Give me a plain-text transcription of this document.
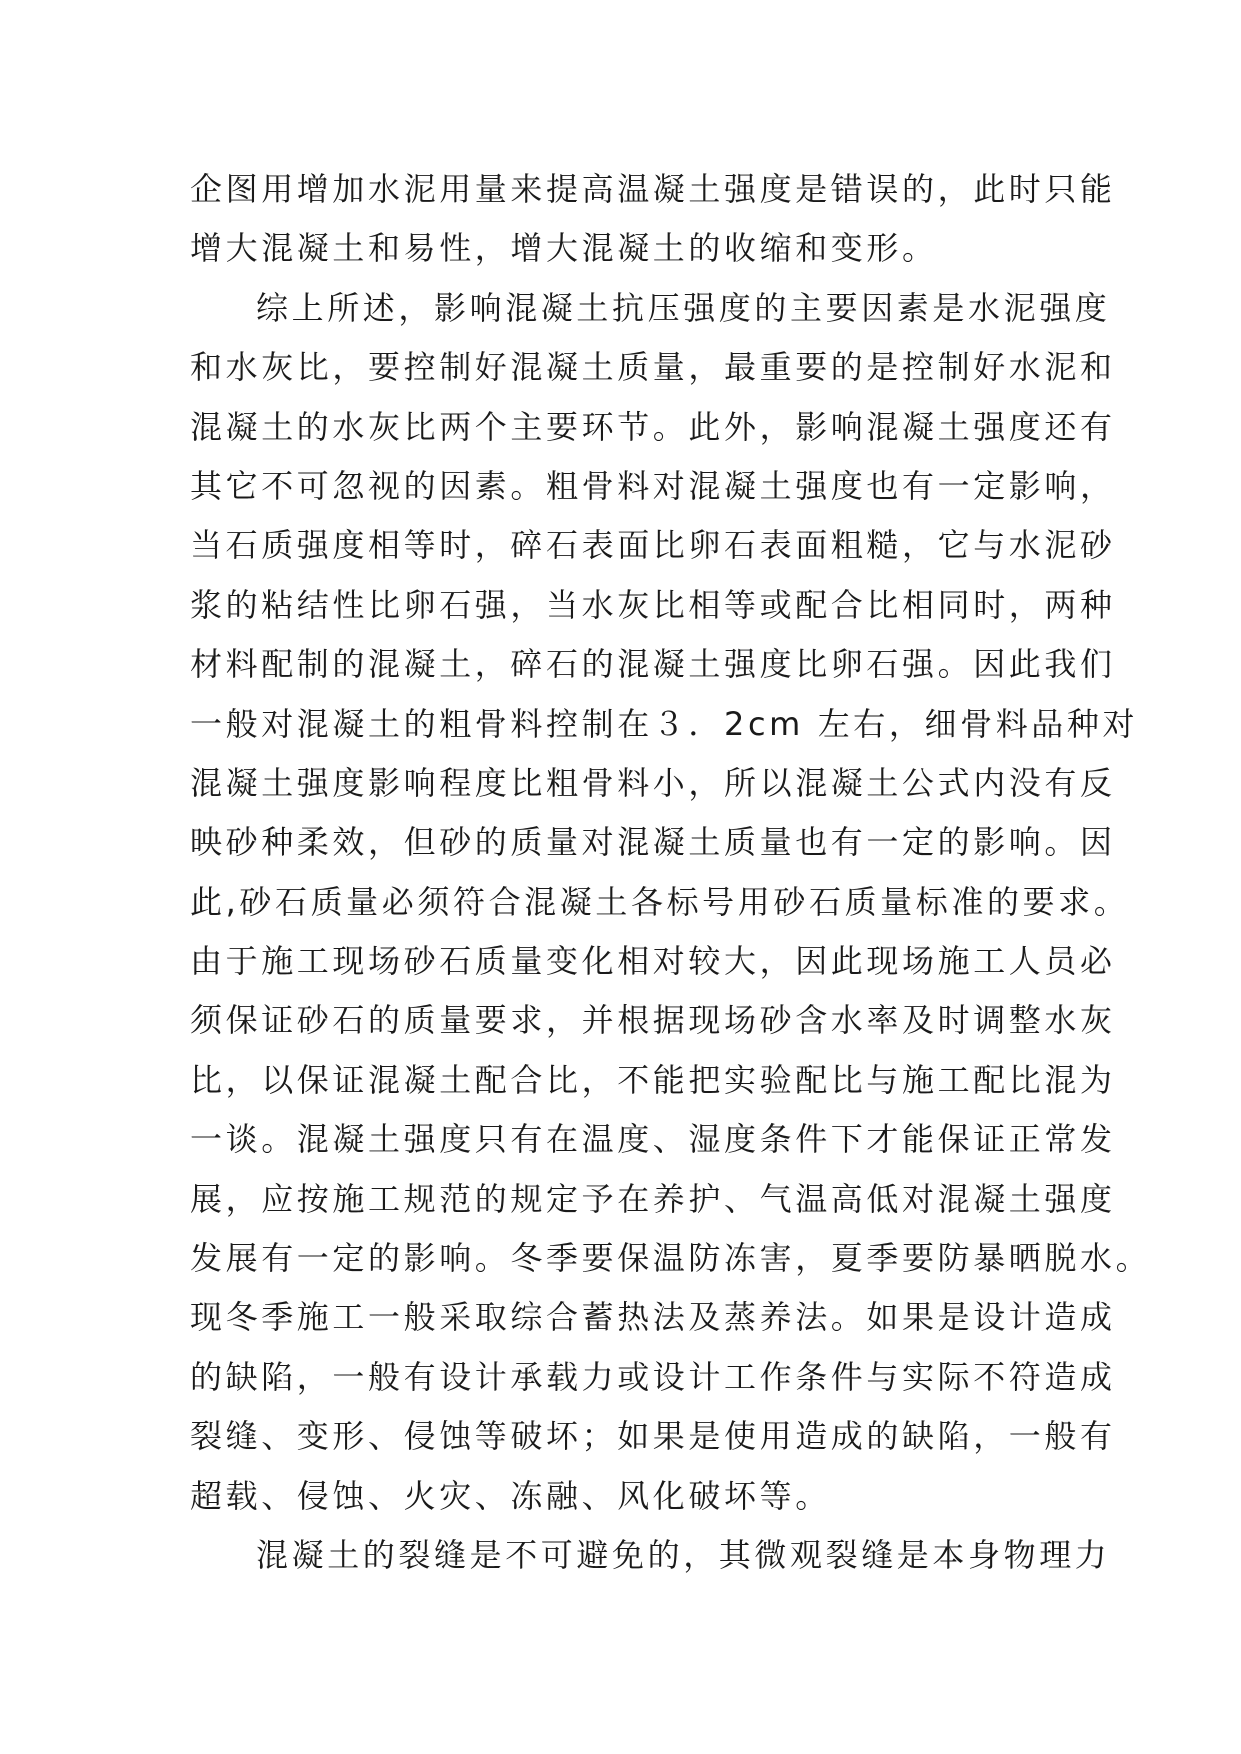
企图用增加水泥用量来提高温凝土强度是错误的，此时只能
增大混凝土和易性，增大混凝土的收缩和变形。
综上所述，影响混凝土抗压强度的主要因素是水泥强度
和水灰比，要控制好混凝土质量，最重要的是控制好水泥和
混凝土的水灰比两个主要环节。此外，影响混凝土强度还有
其它不可忽视的因素。粗骨料对混凝土强度也有一定影响，
当石质强度相等时，碎石表面比卵石表面粗糙，它与水泥砂
浆的粘结性比卵石强，当水灰比相等或配合比相同时，两种
材料配制的混凝土，碎石的混凝土强度比卵石强。因此我们
一般对混凝土的粗骨料控制在３．2cm 左右，细骨料品种对
混凝土强度影响程度比粗骨料小，所以混凝土公式内没有反
映砂种柔效，但砂的质量对混凝土质量也有一定的影响。因
此,砂石质量必须符合混凝土各标号用砂石质量标准的要求。
由于施工现场砂石质量变化相对较大，因此现场施工人员必
须保证砂石的质量要求，并根据现场砂含水率及时调整水灰
比，以保证混凝土配合比，不能把实验配比与施工配比混为
一谈。混凝土强度只有在温度、湿度条件下才能保证正常发
展，应按施工规范的规定予在养护、气温高低对混凝土强度
发展有一定的影响。冬季要保温防冻害，夏季要防暴晒脱水。
现冬季施工一般采取综合蓄热法及蒸养法。如果是设计造成
的缺陷，一般有设计承载力或设计工作条件与实际不符造成
裂缝、变形、侵蚀等破坏；如果是使用造成的缺陷，一般有
超载、侵蚀、火灾、冻融、风化破坏等。
混凝土的裂缝是不可避免的，其微观裂缝是本身物理力
